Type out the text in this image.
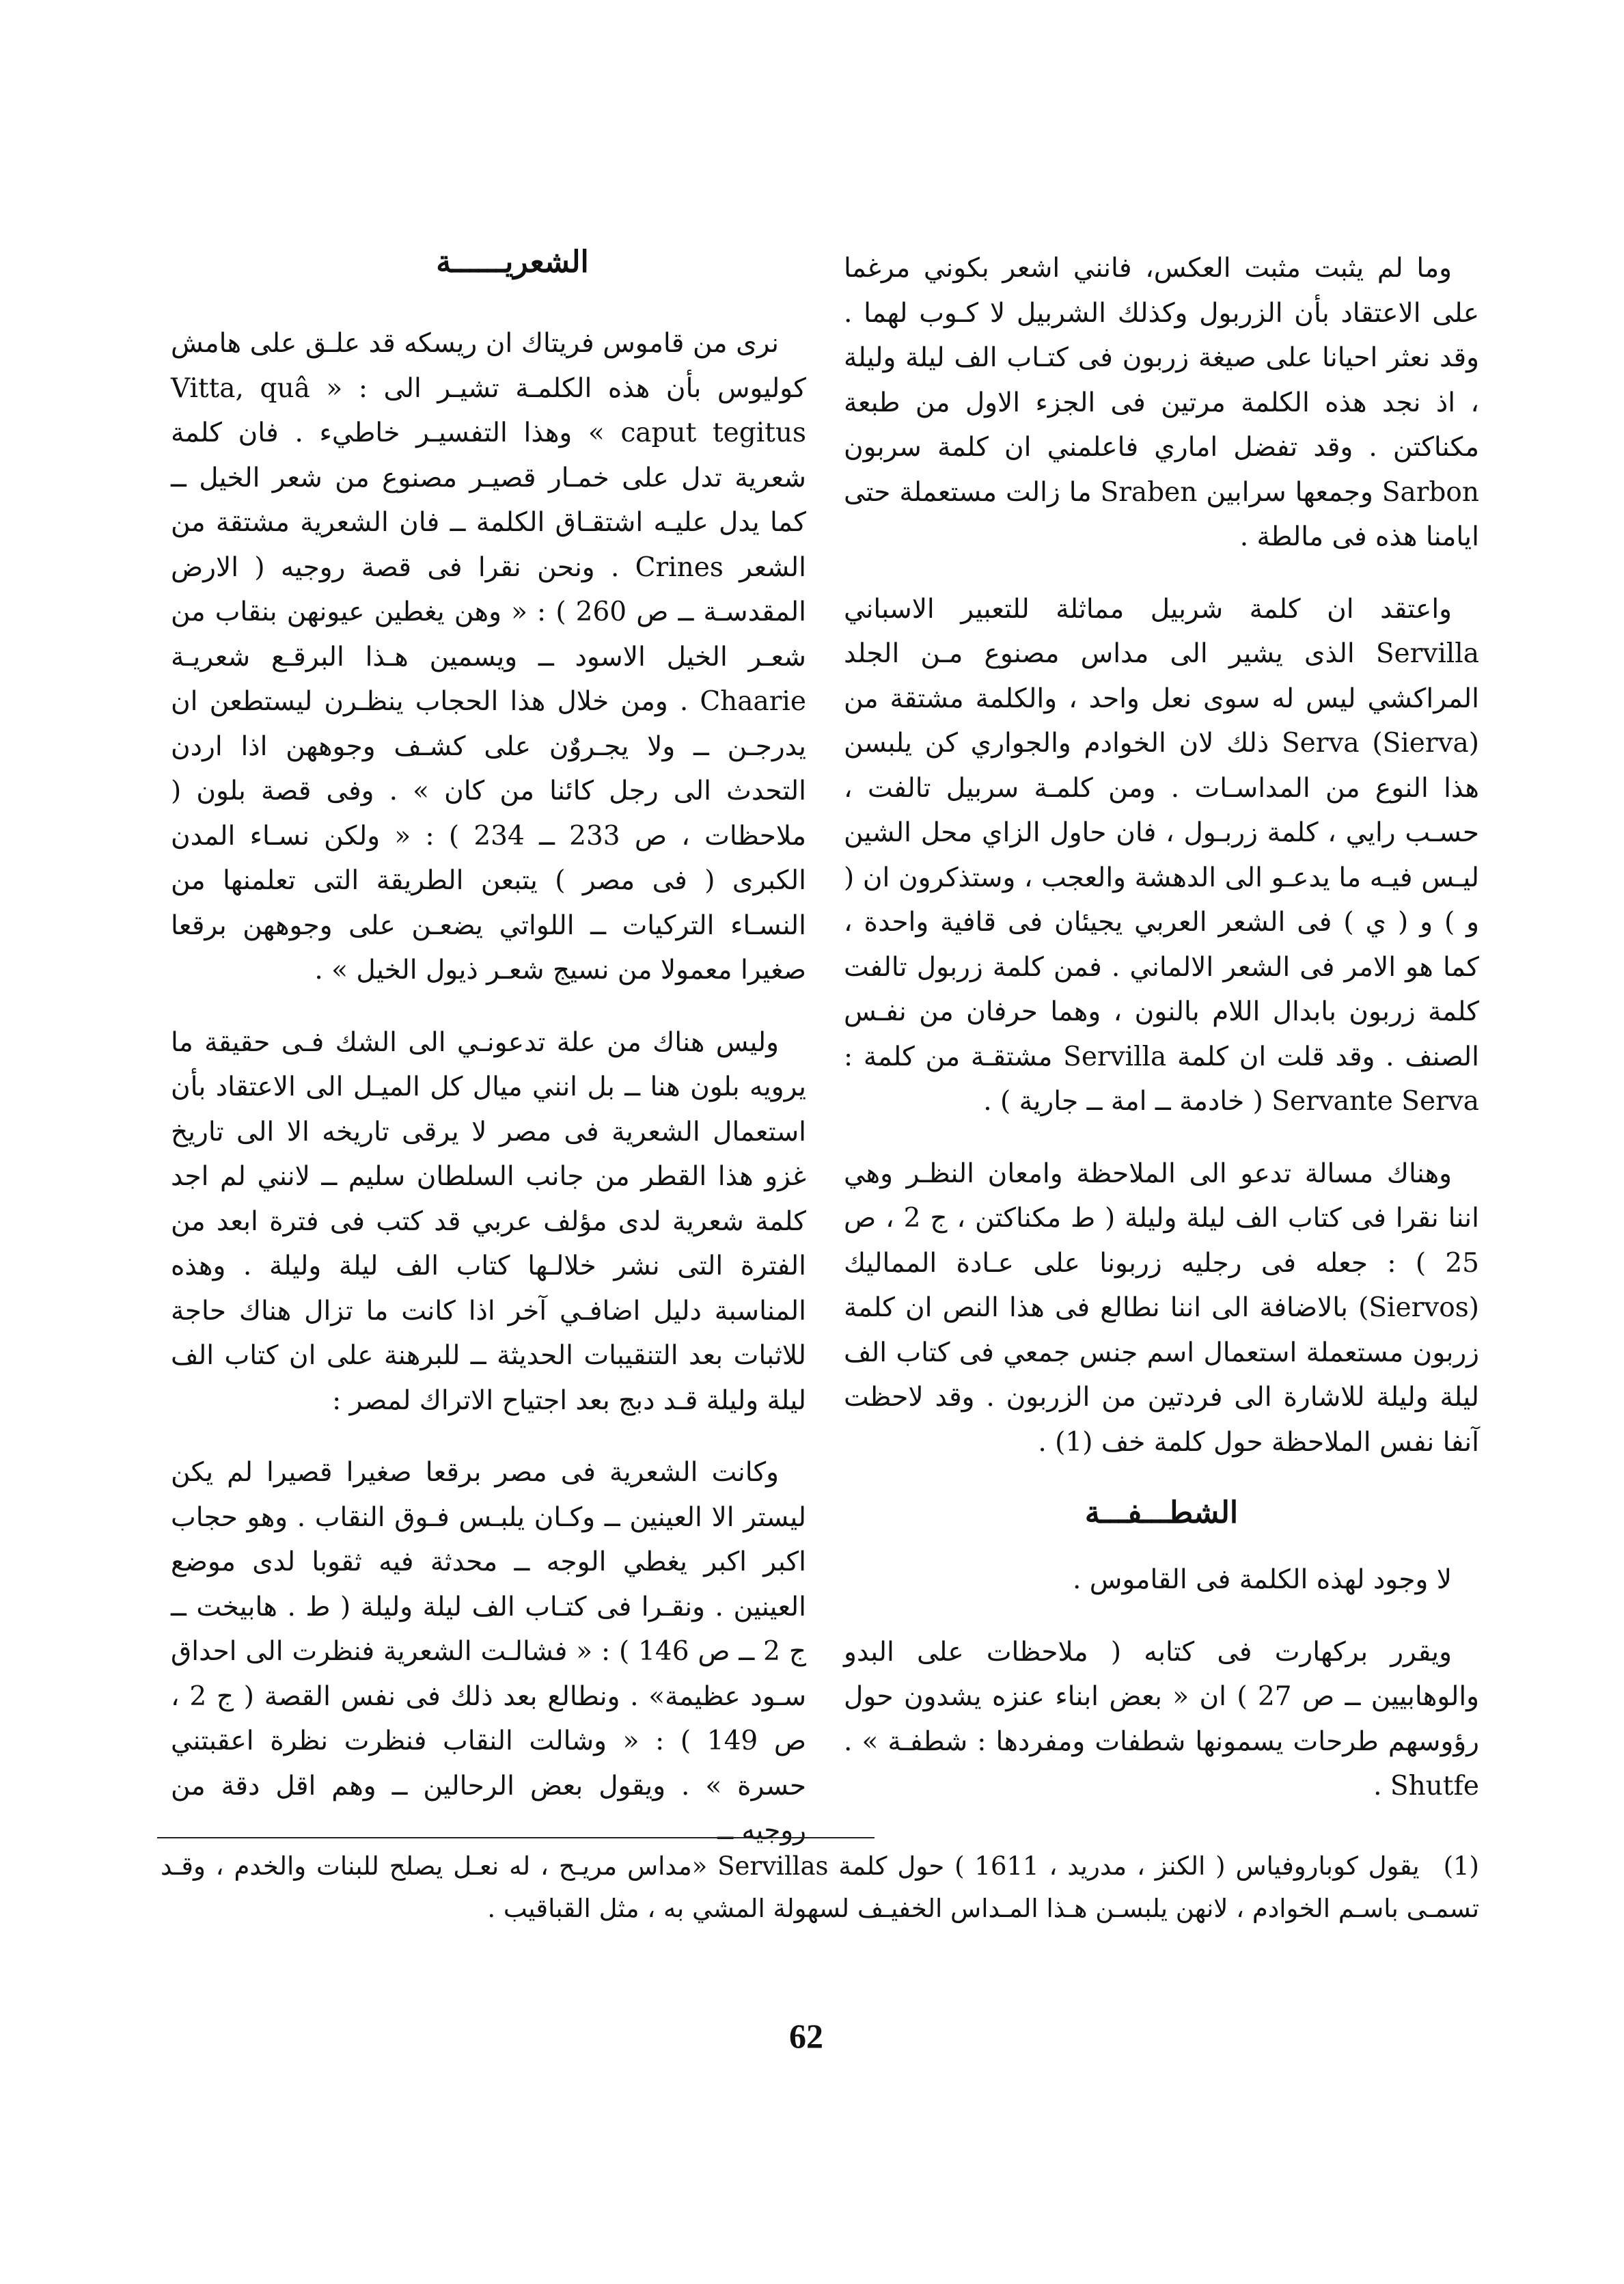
الشعريــــــة	وما لم يثبت مثبت العكس، فانني اشعر بكوني مرغما على الاعتقاد بأن الزربول وكذلك الشربيل لا كـوب لهما . وقد نعثر احيانا على صيغة زربون فى كتـاب الف ليلة وليلة ، اذ نجد هذه الكلمة مرتين فى الجزء الاول من طبعة مكناكتن . وقد تفضل اماري فاعلمني ان كلمة سربون Sarbon وجمعها سرابين Sraben ما زالت مستعملة حتى ايامنا هذه فى مالطة .

واعتقد ان كلمة شربيل مماثلة للتعبير الاسباني Servilla الذى يشير الى مداس مصنوع مـن الجلد المراكشي ليس له سوى نعل واحد ، والكلمة مشتقة من Serva (Sierva) ذلك لان الخوادم والجواري كن يلبسن هذا النوع من المداسـات . ومن كلمـة سربيل تالفت ، حسـب رايي ، كلمة زربـول ، فان حاول الزاي محل الشين ليـس فيـه ما يدعـو الى الدهشة والعجب ، وستذكرون ان ( و ) و ( ي ) فى الشعر العربي يجيئان فى قافية واحدة ، كما هو الامر فى الشعر الالماني . فمن كلمة زربول تالفت كلمة زربون بابدال اللام بالنون ، وهما حرفان من نفـس الصنف . وقد قلت ان كلمة Servilla مشتقـة من كلمة : Servante Serva ( خادمة ــ امة ــ جارية ) .

وهناك مسالة تدعو الى الملاحظة وامعان النظـر وهي اننا نقرا فى كتاب الف ليلة وليلة ( ط مكناكتن ، ج 2 ، ص 25 ) : جعله فى رجليه زربونا على عـادة المماليك (Siervos) بالاضافة الى اننا نطالع فى هذا النص ان كلمة زربون مستعملة استعمال اسم جنس جمعي فى كتاب الف ليلة وليلة للاشارة الى فردتين من الزربون . وقد لاحظت آنفا نفس الملاحظة حول كلمة خف (1) .

لا وجود لهذه الكلمة فى القاموس .

ويقرر بركهارت فى كتابه ( ملاحظات على البدو والوهابيين ــ ص 27 ) ان « بعض ابناء عنزه يشدون حول رؤوسهم طرحات يسمونها شطفات ومفردها : شطفـة » . Shutfe .

الشطـــفـــة

نرى من قاموس فريتاك ان ريسكه قد علـق على هامش كوليوس بأن هذه الكلمـة تشيـر الى : « Vitta, quâ caput tegitus » وهذا التفسيـر خاطيء . فان كلمة شعرية تدل على خمـار قصيـر مصنوع من شعر الخيل ــ كما يدل عليـه اشتقـاق الكلمة ــ فان الشعرية مشتقة من الشعر Crines . ونحن نقرا فى قصة روجيه ( الارض المقدسـة ــ ص 260 ) : « وهن يغطين عيونهن بنقاب من شعـر الخيل الاسود ــ ويسمين هـذا البرقـع شعريـة Chaarie . ومن خلال هذا الحجاب ينظـرن ليستطعن ان يدرجـن ــ ولا يجـروٌن على كشـف وجوههن اذا اردن التحدث الى رجل كائنا من كان » . وفى قصة بلون ( ملاحظات ، ص 233 ــ 234 ) : « ولكن نسـاء المدن الكبرى ( فى مصر ) يتبعن الطريقة التى تعلمنها من النسـاء التركيات ــ اللواتي يضعـن على وجوههن برقعا صغيرا معمولا من نسيج شعـر ذيول الخيل » .

وليس هناك من علة تدعونـي الى الشك فـى حقيقة ما يرويه بلون هنا ــ بل انني ميال كل الميـل الى الاعتقاد بأن استعمال الشعرية فى مصر لا يرقى تاريخه الا الى تاريخ غزو هذا القطر من جانب السلطان سليم ــ لانني لم اجد كلمة شعرية لدى مؤلف عربي قد كتب فى فترة ابعد من الفترة التى نشر خلالـها كتاب الف ليلة وليلة . وهذه المناسبة دليل اضافـي آخر اذا كانت ما تزال هناك حاجة للاثبات بعد التنقيبات الحديثة ــ للبرهنة على ان كتاب الف ليلة وليلة قـد دبج بعد اجتياح الاتراك لمصر :

وكانت الشعرية فى مصر برقعا صغيرا قصيرا لم يكن ليستر الا العينين ــ وكـان يلبـس فـوق النقاب . وهو حجاب اكبر اكبر يغطي الوجه ــ محدثة فيه ثقوبا لدى موضع العينين . ونقـرا فى كتـاب الف ليلة وليلة ( ط . هابيخت ــ ج 2 ــ ص 146 ) : « فشالـت الشعرية فنظرت الى احداق سـود عظيمة» . ونطالع بعد ذلك فى نفس القصة ( ج 2 ، ص 149 ) : « وشالت النقاب فنظرت نظرة اعقبتني حسرة » . ويقول بعض الرحالين ــ وهم اقل دقة من روجيه ــ

(1) يقول كوباروفياس ( الكنز ، مدريد ، 1611 ) حول كلمة Servillas «مداس مريـح ، له نعـل يصلح للبنات والخدم ، وقـد تسمـى باسـم الخوادم ، لانهن يلبسـن هـذا المـداس الخفيـف لسهولة المشي به ، مثل القباقيب .
62
